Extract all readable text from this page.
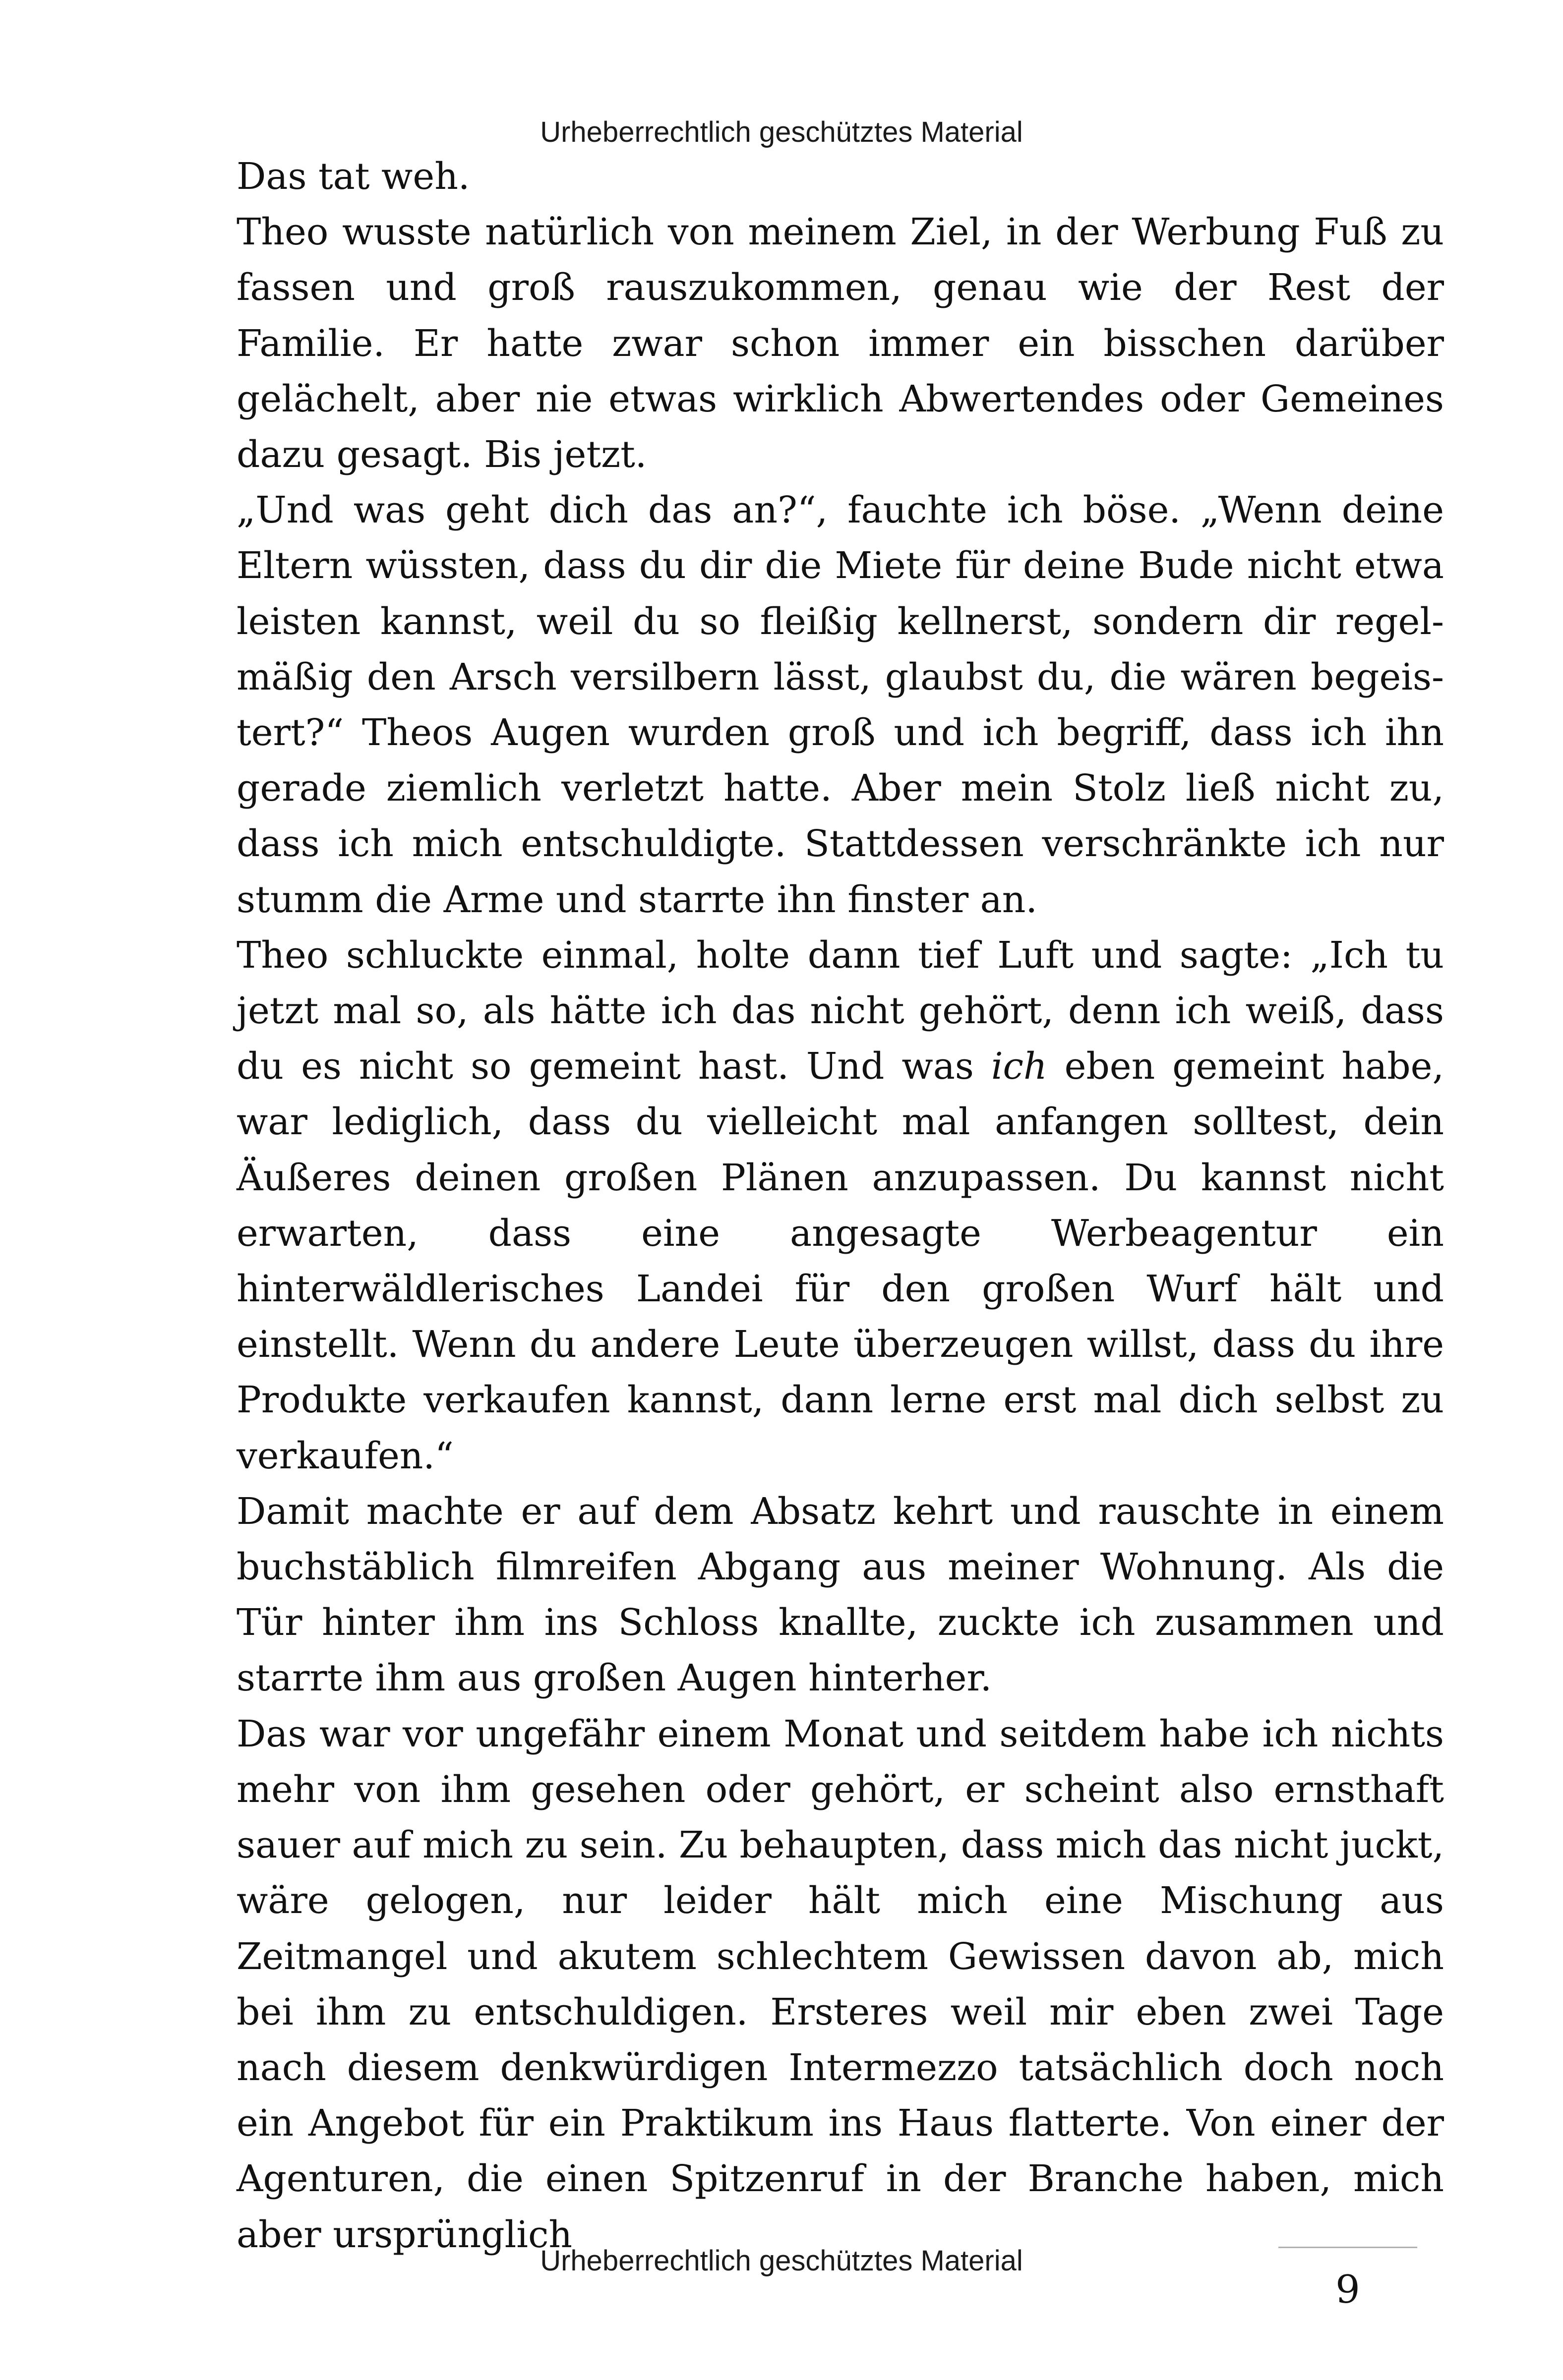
Urheberrechtlich geschütztes Material

Das tat weh.

Theo wusste natürlich von meinem Ziel, in der Werbung Fuß zu fassen und groß rauszukommen, genau wie der Rest der Familie. Er hatte zwar schon immer ein bisschen darüber gelächelt, aber nie etwas wirklich Abwertendes oder Gemeines dazu gesagt. Bis jetzt.

„Und was geht dich das an?“, fauchte ich böse. „Wenn deine Eltern wüssten, dass du dir die Miete für deine Bude nicht etwa leisten kannst, weil du so fleißig kellnerst, sondern dir regelmäßig den Arsch versilbern lässt, glaubst du, die wären begeistert?“ Theos Augen wurden groß und ich begriff, dass ich ihn gerade ziemlich verletzt hatte. Aber mein Stolz ließ nicht zu, dass ich mich entschuldigte. Stattdessen verschränkte ich nur stumm die Arme und starrte ihn finster an.

Theo schluckte einmal, holte dann tief Luft und sagte: „Ich tu jetzt mal so, als hätte ich das nicht gehört, denn ich weiß, dass du es nicht so gemeint hast. Und was ich eben gemeint habe, war lediglich, dass du vielleicht mal anfangen solltest, dein Äußeres deinen großen Plänen anzupassen. Du kannst nicht erwarten, dass eine angesagte Werbeagentur ein hinterwäldlerisches Landei für den großen Wurf hält und einstellt. Wenn du andere Leute überzeugen willst, dass du ihre Produkte verkaufen kannst, dann lerne erst mal dich selbst zu verkaufen.“

Damit machte er auf dem Absatz kehrt und rauschte in einem buchstäblich filmreifen Abgang aus meiner Wohnung. Als die Tür hinter ihm ins Schloss knallte, zuckte ich zusammen und starrte ihm aus großen Augen hinterher.

Das war vor ungefähr einem Monat und seitdem habe ich nichts mehr von ihm gesehen oder gehört, er scheint also ernsthaft sauer auf mich zu sein. Zu behaupten, dass mich das nicht juckt, wäre gelogen, nur leider hält mich eine Mischung aus Zeitmangel und akutem schlechtem Gewissen davon ab, mich bei ihm zu entschuldigen. Ersteres weil mir eben zwei Tage nach diesem denkwürdigen Intermezzo tatsächlich doch noch ein Angebot für ein Praktikum ins Haus flatterte. Von einer der Agenturen, die einen Spitzenruf in der Branche haben, mich aber ursprünglich

Urheberrechtlich geschütztes Material
9
